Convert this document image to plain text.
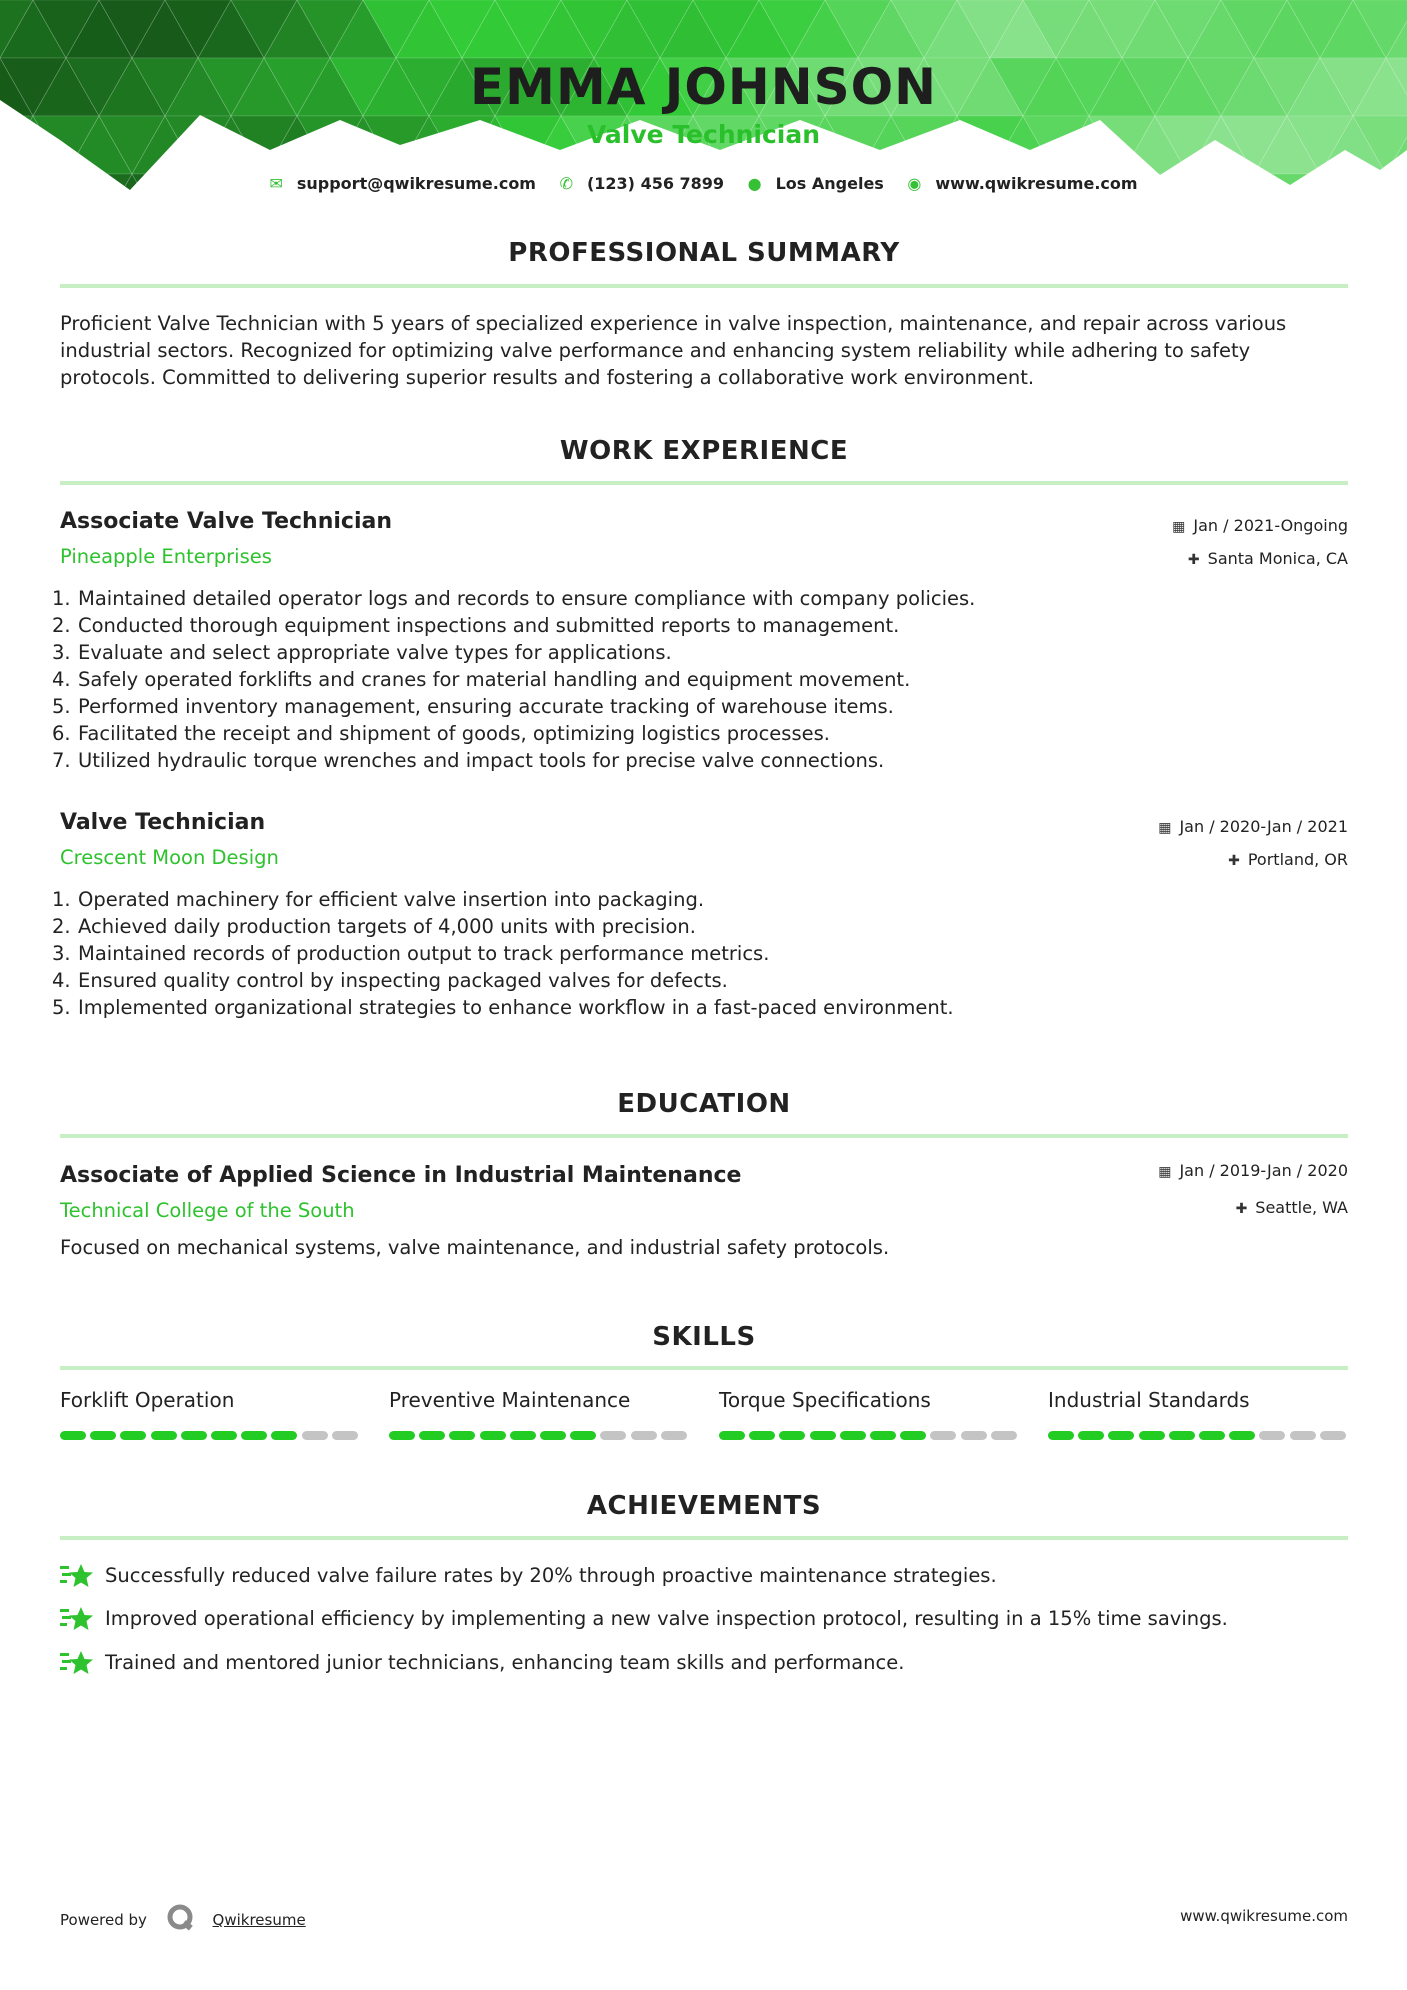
EMMA JOHNSON
Valve Technician
✉ support@qwikresume.com ✆ (123) 456 7899 ● Los Angeles ◉ www.qwikresume.com
PROFESSIONAL SUMMARY
Proficient Valve Technician with 5 years of specialized experience in valve inspection, maintenance, and repair across various industrial sectors. Recognized for optimizing valve performance and enhancing system reliability while adhering to safety protocols. Committed to delivering superior results and fostering a collaborative work environment.
WORK EXPERIENCE
Associate Valve Technician
Pineapple Enterprises
▦ Jan / 2021-Ongoing
✚ Santa Monica, CA
1. Maintained detailed operator logs and records to ensure compliance with company policies.
2. Conducted thorough equipment inspections and submitted reports to management.
3. Evaluate and select appropriate valve types for applications.
4. Safely operated forklifts and cranes for material handling and equipment movement.
5. Performed inventory management, ensuring accurate tracking of warehouse items.
6. Facilitated the receipt and shipment of goods, optimizing logistics processes.
7. Utilized hydraulic torque wrenches and impact tools for precise valve connections.
Valve Technician
Crescent Moon Design
▦ Jan / 2020-Jan / 2021
✚ Portland, OR
1. Operated machinery for efficient valve insertion into packaging.
2. Achieved daily production targets of 4,000 units with precision.
3. Maintained records of production output to track performance metrics.
4. Ensured quality control by inspecting packaged valves for defects.
5. Implemented organizational strategies to enhance workflow in a fast-paced environment.
EDUCATION
Associate of Applied Science in Industrial Maintenance
Technical College of the South
▦ Jan / 2019-Jan / 2020
✚ Seattle, WA
Focused on mechanical systems, valve maintenance, and industrial safety protocols.
SKILLS
Forklift Operation	Preventive Maintenance	Torque Specifications	Industrial Standards
ACHIEVEMENTS
Successfully reduced valve failure rates by 20% through proactive maintenance strategies.
Improved operational efficiency by implementing a new valve inspection protocol, resulting in a 15% time savings.
Trained and mentored junior technicians, enhancing team skills and performance.
Powered by	Qwikresume	www.qwikresume.com
